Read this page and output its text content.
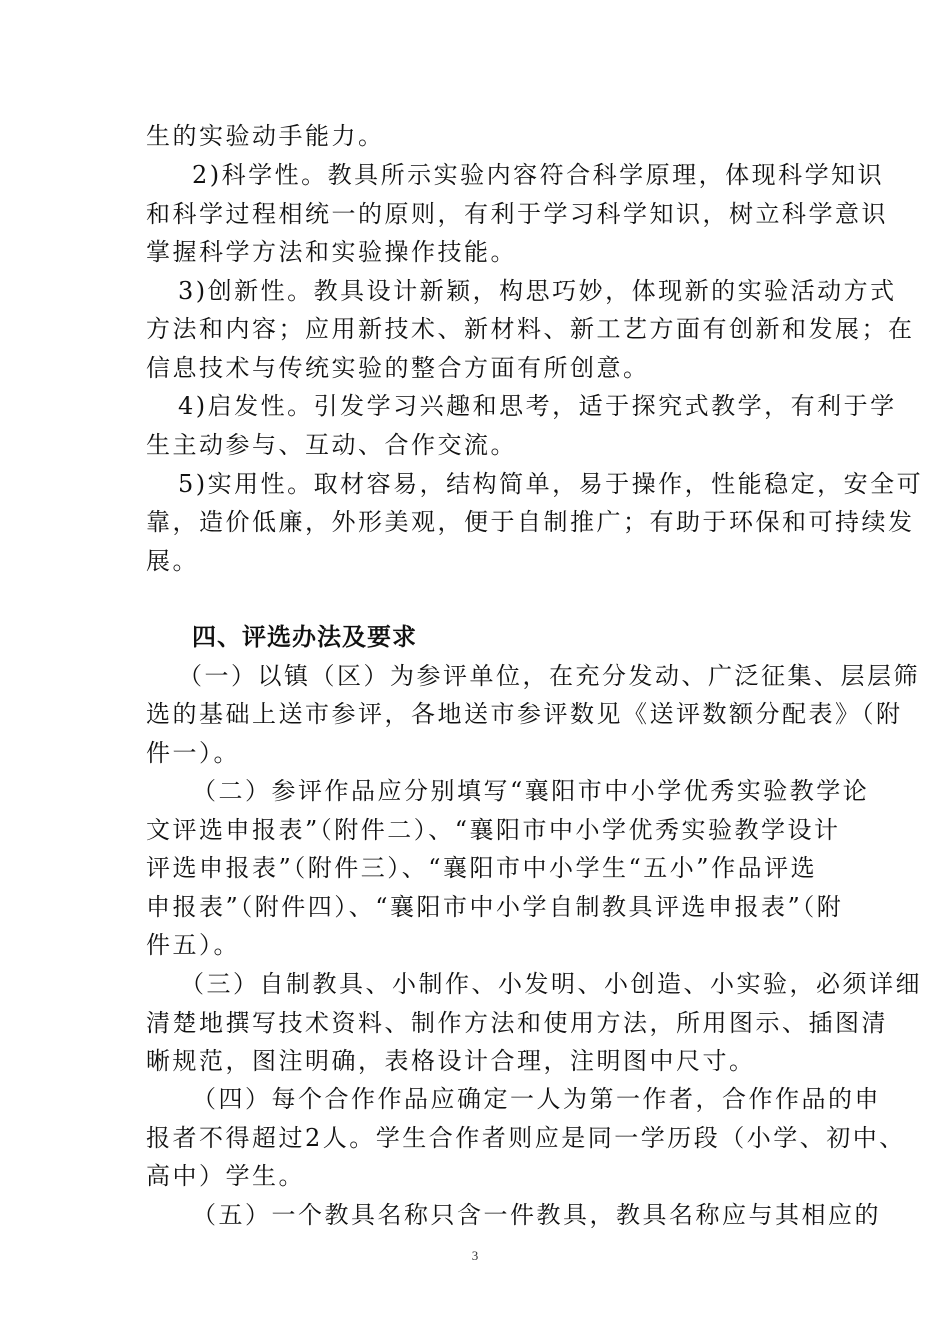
生的实验动手能力。
2)科学性。教具所示实验内容符合科学原理，体现科学知识
和科学过程相统一的原则，有利于学习科学知识，树立科学意识
掌握科学方法和实验操作技能。
3)创新性。教具设计新颖，构思巧妙，体现新的实验活动方式
方法和内容；应用新技术、新材料、新工艺方面有创新和发展；在
信息技术与传统实验的整合方面有所创意。
4)启发性。引发学习兴趣和思考，适于探究式教学，有利于学
生主动参与、互动、合作交流。
5)实用性。取材容易，结构简单，易于操作，性能稳定，安全可
靠，造价低廉，外形美观，便于自制推广；有助于环保和可持续发
展。
四、评选办法及要求
（一）以镇（区）为参评单位，在充分发动、广泛征集、层层筛
选的基础上送市参评，各地送市参评数见《送评数额分配表》（附
件一）。
（二）参评作品应分别填写“襄阳市中小学优秀实验教学论
文评选申报表”（附件二）、“襄阳市中小学优秀实验教学设计
评选申报表”（附件三）、“襄阳市中小学生“五小”作品评选
申报表”（附件四）、“襄阳市中小学自制教具评选申报表”（附
件五）。
（三）自制教具、小制作、小发明、小创造、小实验，必须详细
清楚地撰写技术资料、制作方法和使用方法，所用图示、插图清
晰规范，图注明确，表格设计合理，注明图中尺寸。
（四）每个合作作品应确定一人为第一作者，合作作品的申
报者不得超过2人。学生合作者则应是同一学历段（小学、初中、
高中）学生。
（五）一个教具名称只含一件教具，教具名称应与其相应的
3
